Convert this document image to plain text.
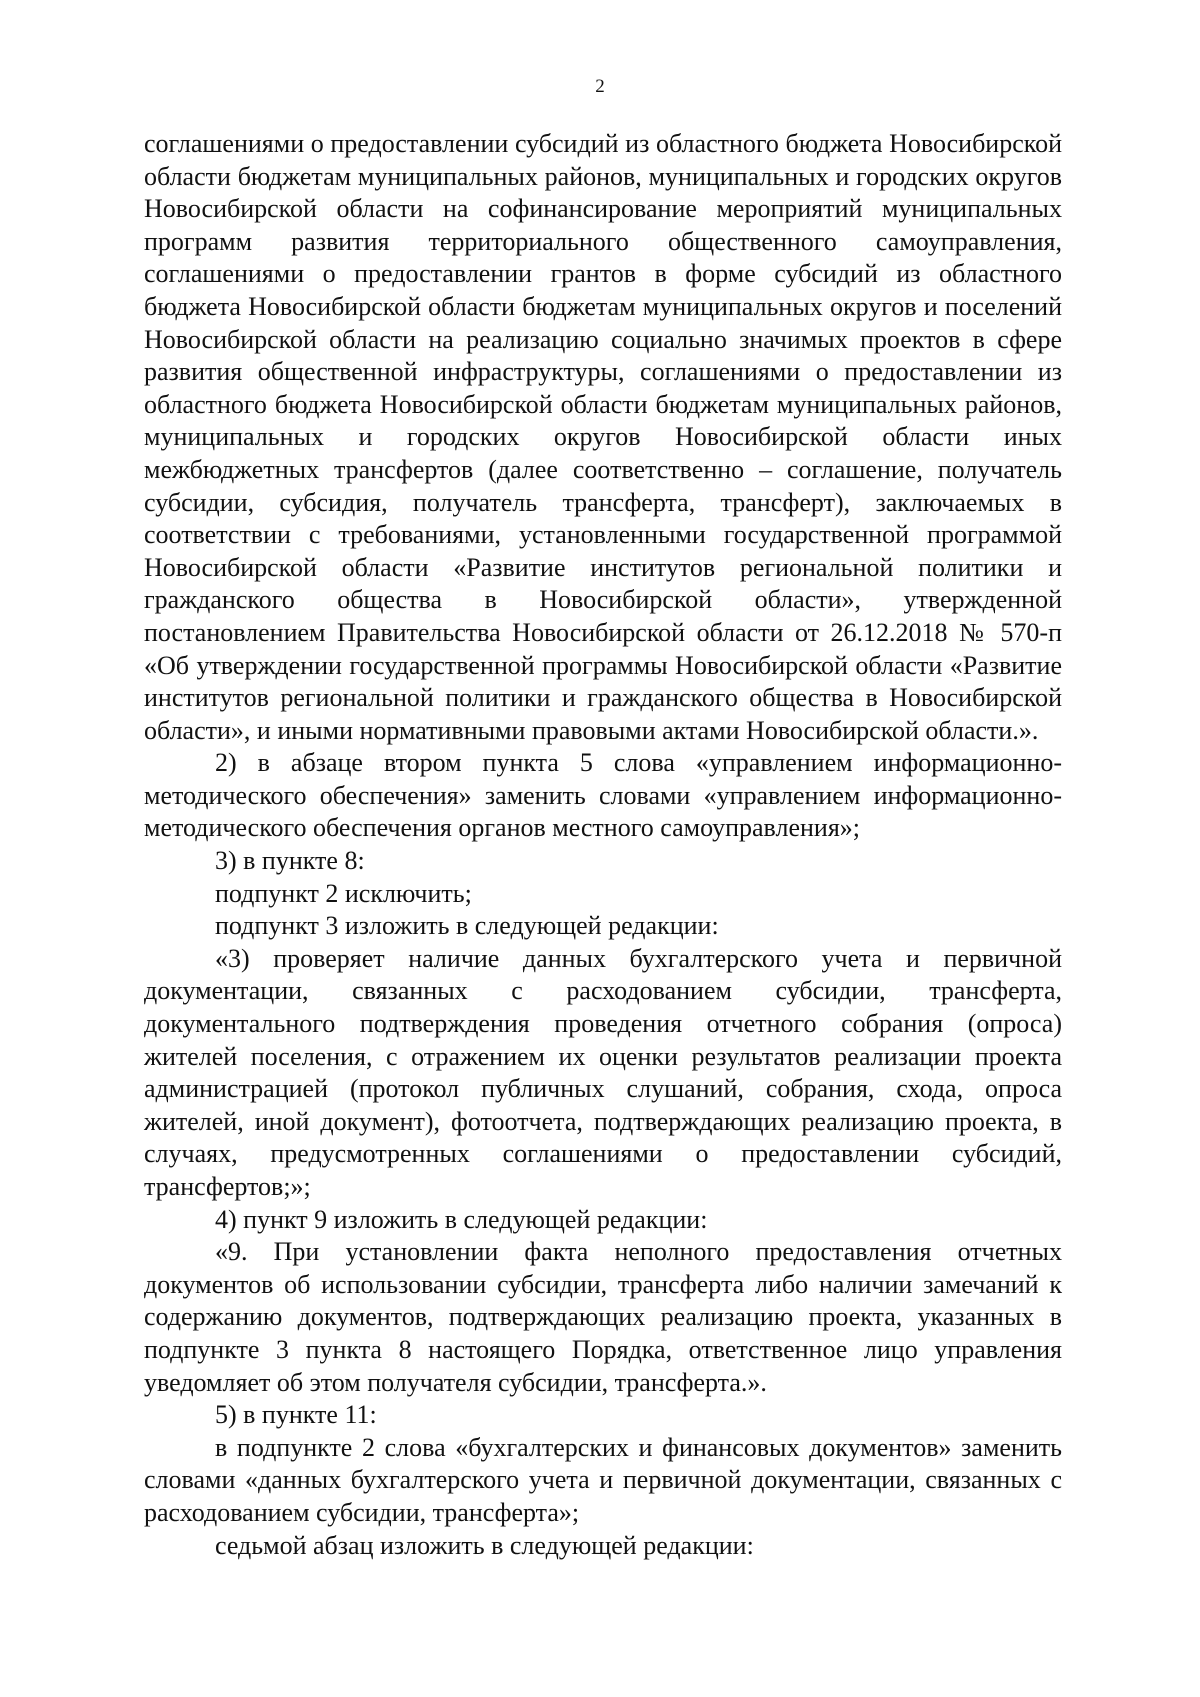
2

соглашениями о предоставлении субсидий из областного бюджета Новосибирской области бюджетам муниципальных районов, муниципальных и городских округов Новосибирской области на софинансирование мероприятий муниципальных программ развития территориального общественного самоуправления, соглашениями о предоставлении грантов в форме субсидий из областного бюджета Новосибирской области бюджетам муниципальных округов и поселений Новосибирской области на реализацию социально значимых проектов в сфере развития общественной инфраструктуры, соглашениями о предоставлении из областного бюджета Новосибирской области бюджетам муниципальных районов, муниципальных и городских округов Новосибирской области иных межбюджетных трансфертов (далее соответственно – соглашение, получатель субсидии, субсидия, получатель трансферта, трансферт), заключаемых в соответствии с требованиями, установленными государственной программой Новосибирской области «Развитие институтов региональной политики и гражданского общества в Новосибирской области», утвержденной постановлением Правительства Новосибирской области от 26.12.2018 № 570-п «Об утверждении государственной программы Новосибирской области «Развитие институтов региональной политики и гражданского общества в Новосибирской области», и иными нормативными правовыми актами Новосибирской области.».

2) в абзаце втором пункта 5 слова «управлением информационно-методического обеспечения» заменить словами «управлением информационно-методического обеспечения органов местного самоуправления»;

3) в пункте 8:

подпункт 2 исключить;

подпункт 3 изложить в следующей редакции:

«3) проверяет наличие данных бухгалтерского учета и первичной документации, связанных с расходованием субсидии, трансферта, документального подтверждения проведения отчетного собрания (опроса) жителей поселения, с отражением их оценки результатов реализации проекта администрацией (протокол публичных слушаний, собрания, схода, опроса жителей, иной документ), фотоотчета, подтверждающих реализацию проекта, в случаях, предусмотренных соглашениями о предоставлении субсидий, трансфертов;»;

4) пункт 9 изложить в следующей редакции:

«9. При установлении факта неполного предоставления отчетных документов об использовании субсидии, трансферта либо наличии замечаний к содержанию документов, подтверждающих реализацию проекта, указанных в подпункте 3 пункта 8 настоящего Порядка, ответственное лицо управления уведомляет об этом получателя субсидии, трансферта.».

5) в пункте 11:

в подпункте 2 слова «бухгалтерских и финансовых документов» заменить словами «данных бухгалтерского учета и первичной документации, связанных с расходованием субсидии, трансферта»;

седьмой абзац изложить в следующей редакции:
